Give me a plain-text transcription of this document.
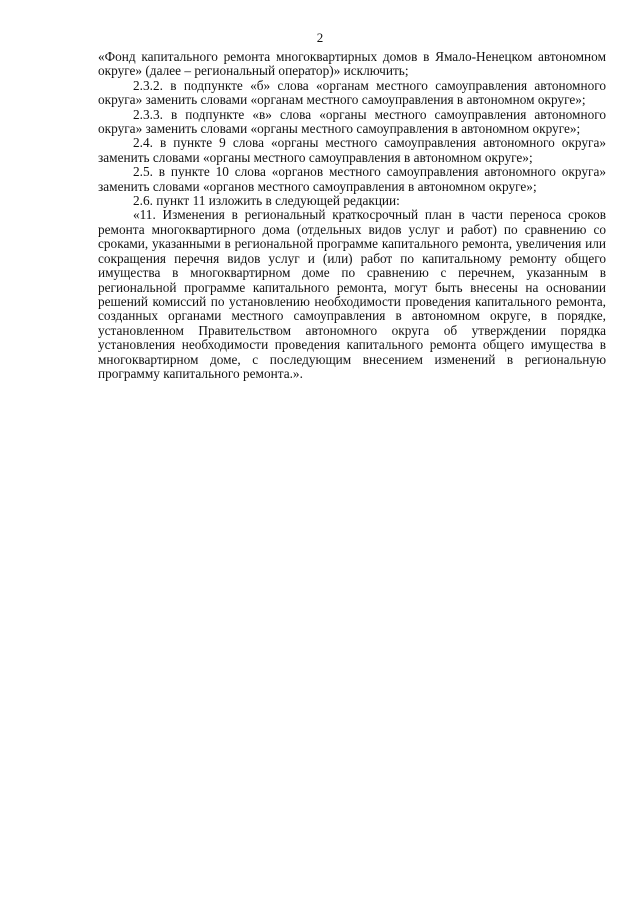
2

«Фонд капитального ремонта многоквартирных домов в Ямало-Ненецком автономном округе» (далее – региональный оператор)» исключить;

2.3.2. в подпункте «б» слова «органам местного самоуправления автономного округа» заменить словами «органам местного самоуправления в автономном округе»;

2.3.3. в подпункте «в» слова «органы местного самоуправления автономного округа» заменить словами «органы местного самоуправления в автономном округе»;

2.4. в пункте 9 слова «органы местного самоуправления автономного округа» заменить словами «органы местного самоуправления в автономном округе»;

2.5. в пункте 10 слова «органов местного самоуправления автономного округа» заменить словами «органов местного самоуправления в автономном округе»;

2.6. пункт 11 изложить в следующей редакции:

«11. Изменения в региональный краткосрочный план в части переноса сроков ремонта многоквартирного дома (отдельных видов услуг и работ) по сравнению со сроками, указанными в региональной программе капитального ремонта, увеличения или сокращения перечня видов услуг и (или) работ по капитальному ремонту общего имущества в многоквартирном доме по сравнению с перечнем, указанным в региональной программе капитального ремонта, могут быть внесены на основании решений комиссий по установлению необходимости проведения капитального ремонта, созданных органами местного самоуправления в автономном округе, в порядке, установленном Правительством автономного округа об утверждении порядка установления необходимости проведения капитального ремонта общего имущества в многоквартирном доме, с последующим внесением изменений в региональную программу капитального ремонта.».
